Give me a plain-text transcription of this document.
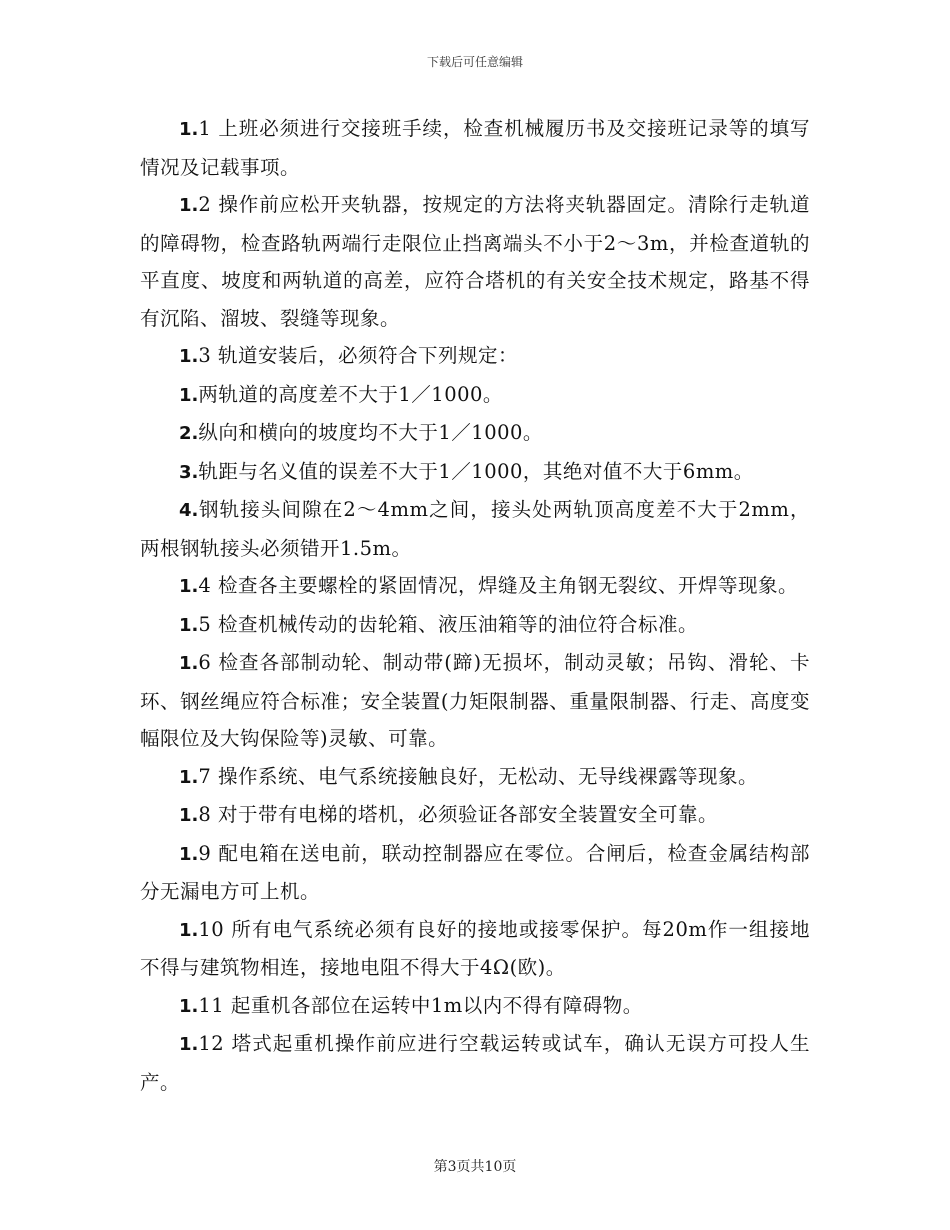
下载后可任意编辑

1.1 上班必须进行交接班手续，检查机械履历书及交接班记录等的填写情况及记载事项。

1.2 操作前应松开夹轨器，按规定的方法将夹轨器固定。清除行走轨道的障碍物，检查路轨两端行走限位止挡离端头不小于2～3m，并检查道轨的平直度、坡度和两轨道的高差，应符合塔机的有关安全技术规定，路基不得有沉陷、溜坡、裂缝等现象。

1.3 轨道安装后，必须符合下列规定：

1.两轨道的高度差不大于1／1000。

2.纵向和横向的坡度均不大于1／1000。

3.轨距与名义值的误差不大于1／1000，其绝对值不大于6mm。

4.钢轨接头间隙在2～4mm之间，接头处两轨顶高度差不大于2mm，两根钢轨接头必须错开1.5m。

1.4 检查各主要螺栓的紧固情况，焊缝及主角钢无裂纹、开焊等现象。

1.5 检查机械传动的齿轮箱、液压油箱等的油位符合标准。

1.6 检查各部制动轮、制动带(蹄)无损坏，制动灵敏；吊钩、滑轮、卡环、钢丝绳应符合标准；安全装置(力矩限制器、重量限制器、行走、高度变幅限位及大钩保险等)灵敏、可靠。

1.7 操作系统、电气系统接触良好，无松动、无导线裸露等现象。

1.8 对于带有电梯的塔机，必须验证各部安全装置安全可靠。

1.9 配电箱在送电前，联动控制器应在零位。合闸后，检查金属结构部分无漏电方可上机。

1.10 所有电气系统必须有良好的接地或接零保护。每20m作一组接地不得与建筑物相连，接地电阻不得大于4Ω(欧)。

1.11 起重机各部位在运转中1m以内不得有障碍物。

1.12 塔式起重机操作前应进行空载运转或试车，确认无误方可投人生产。

第3页共10页
